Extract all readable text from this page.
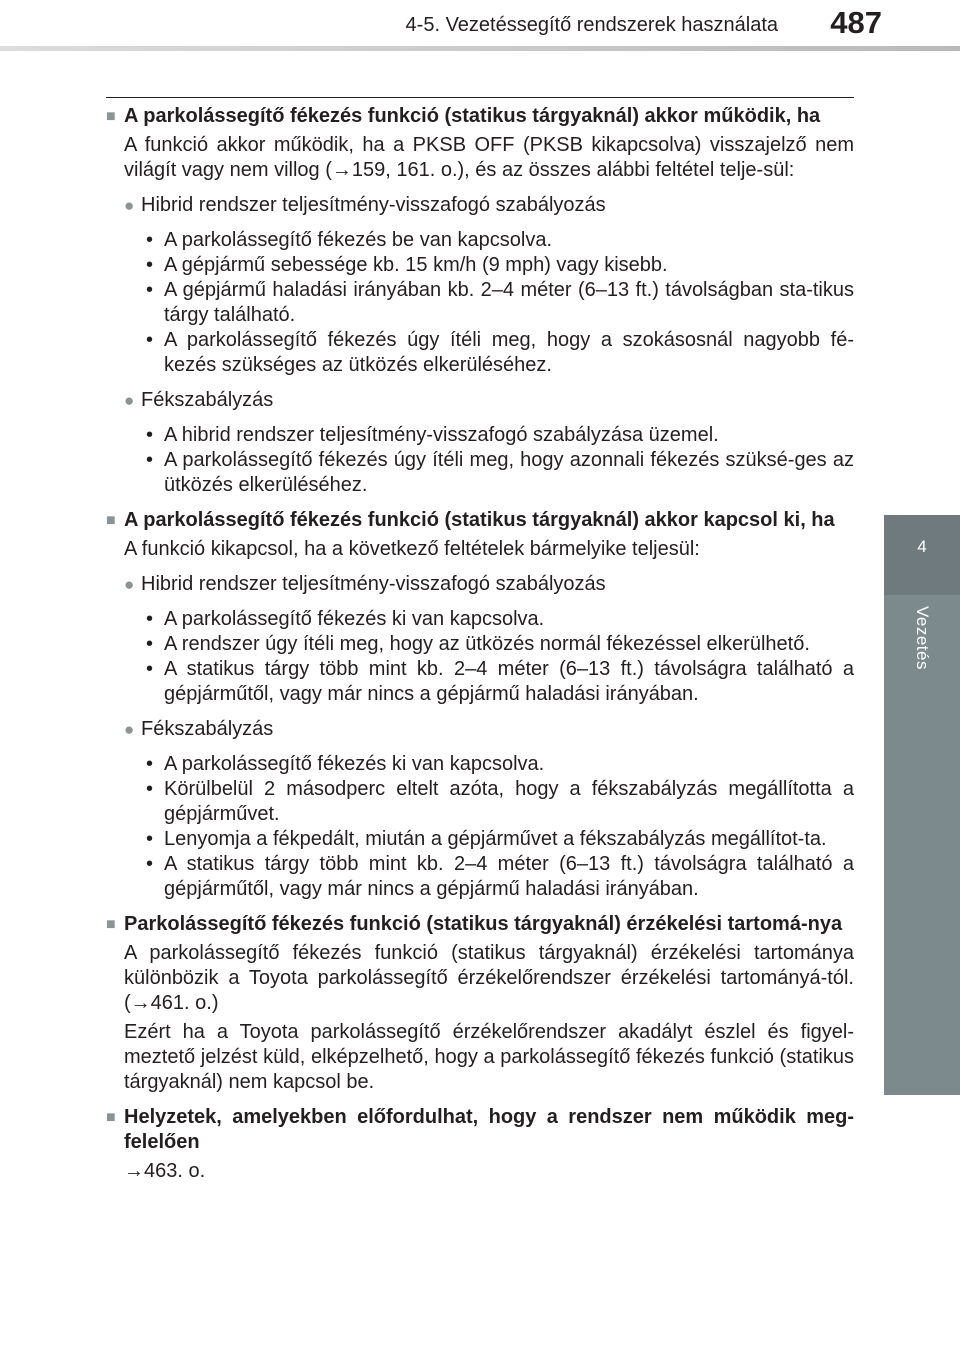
4-5. Vezetéssegítő rendszerek használata 487
4
Vezetés
■ A parkolássegítő fékezés funkció (statikus tárgyaknál) akkor működik, ha
A funkció akkor működik, ha a PKSB OFF (PKSB kikapcsolva) visszajelző nem világít vagy nem villog (→159, 161. o.), és az összes alábbi feltétel telje-sül:
● Hibrid rendszer teljesítmény-visszafogó szabályozás
• A parkolássegítő fékezés be van kapcsolva.
• A gépjármű sebessége kb. 15 km/h (9 mph) vagy kisebb.
• A gépjármű haladási irányában kb. 2–4 méter (6–13 ft.) távolságban sta-tikus tárgy található.
• A parkolássegítő fékezés úgy ítéli meg, hogy a szokásosnál nagyobb fé-kezés szükséges az ütközés elkerüléséhez.
● Fékszabályzás
• A hibrid rendszer teljesítmény-visszafogó szabályzása üzemel.
• A parkolássegítő fékezés úgy ítéli meg, hogy azonnali fékezés szüksé-ges az ütközés elkerüléséhez.
■ A parkolássegítő fékezés funkció (statikus tárgyaknál) akkor kapcsol ki, ha
A funkció kikapcsol, ha a következő feltételek bármelyike teljesül:
● Hibrid rendszer teljesítmény-visszafogó szabályozás
• A parkolássegítő fékezés ki van kapcsolva.
• A rendszer úgy ítéli meg, hogy az ütközés normál fékezéssel elkerülhető.
• A statikus tárgy több mint kb. 2–4 méter (6–13 ft.) távolságra található a gépjárműtől, vagy már nincs a gépjármű haladási irányában.
● Fékszabályzás
• A parkolássegítő fékezés ki van kapcsolva.
• Körülbelül 2 másodperc eltelt azóta, hogy a fékszabályzás megállította a gépjárművet.
• Lenyomja a fékpedált, miután a gépjárművet a fékszabályzás megállítot-ta.
• A statikus tárgy több mint kb. 2–4 méter (6–13 ft.) távolságra található a gépjárműtől, vagy már nincs a gépjármű haladási irányában.
■ Parkolássegítő fékezés funkció (statikus tárgyaknál) érzékelési tartomá-nya
A parkolássegítő fékezés funkció (statikus tárgyaknál) érzékelési tartománya különbözik a Toyota parkolássegítő érzékelőrendszer érzékelési tartományá-tól. (→461. o.)
Ezért ha a Toyota parkolássegítő érzékelőrendszer akadályt észlel és figyel-meztető jelzést küld, elképzelhető, hogy a parkolássegítő fékezés funkció (statikus tárgyaknál) nem kapcsol be.
■ Helyzetek, amelyekben előfordulhat, hogy a rendszer nem működik meg-felelően
→463. o.
